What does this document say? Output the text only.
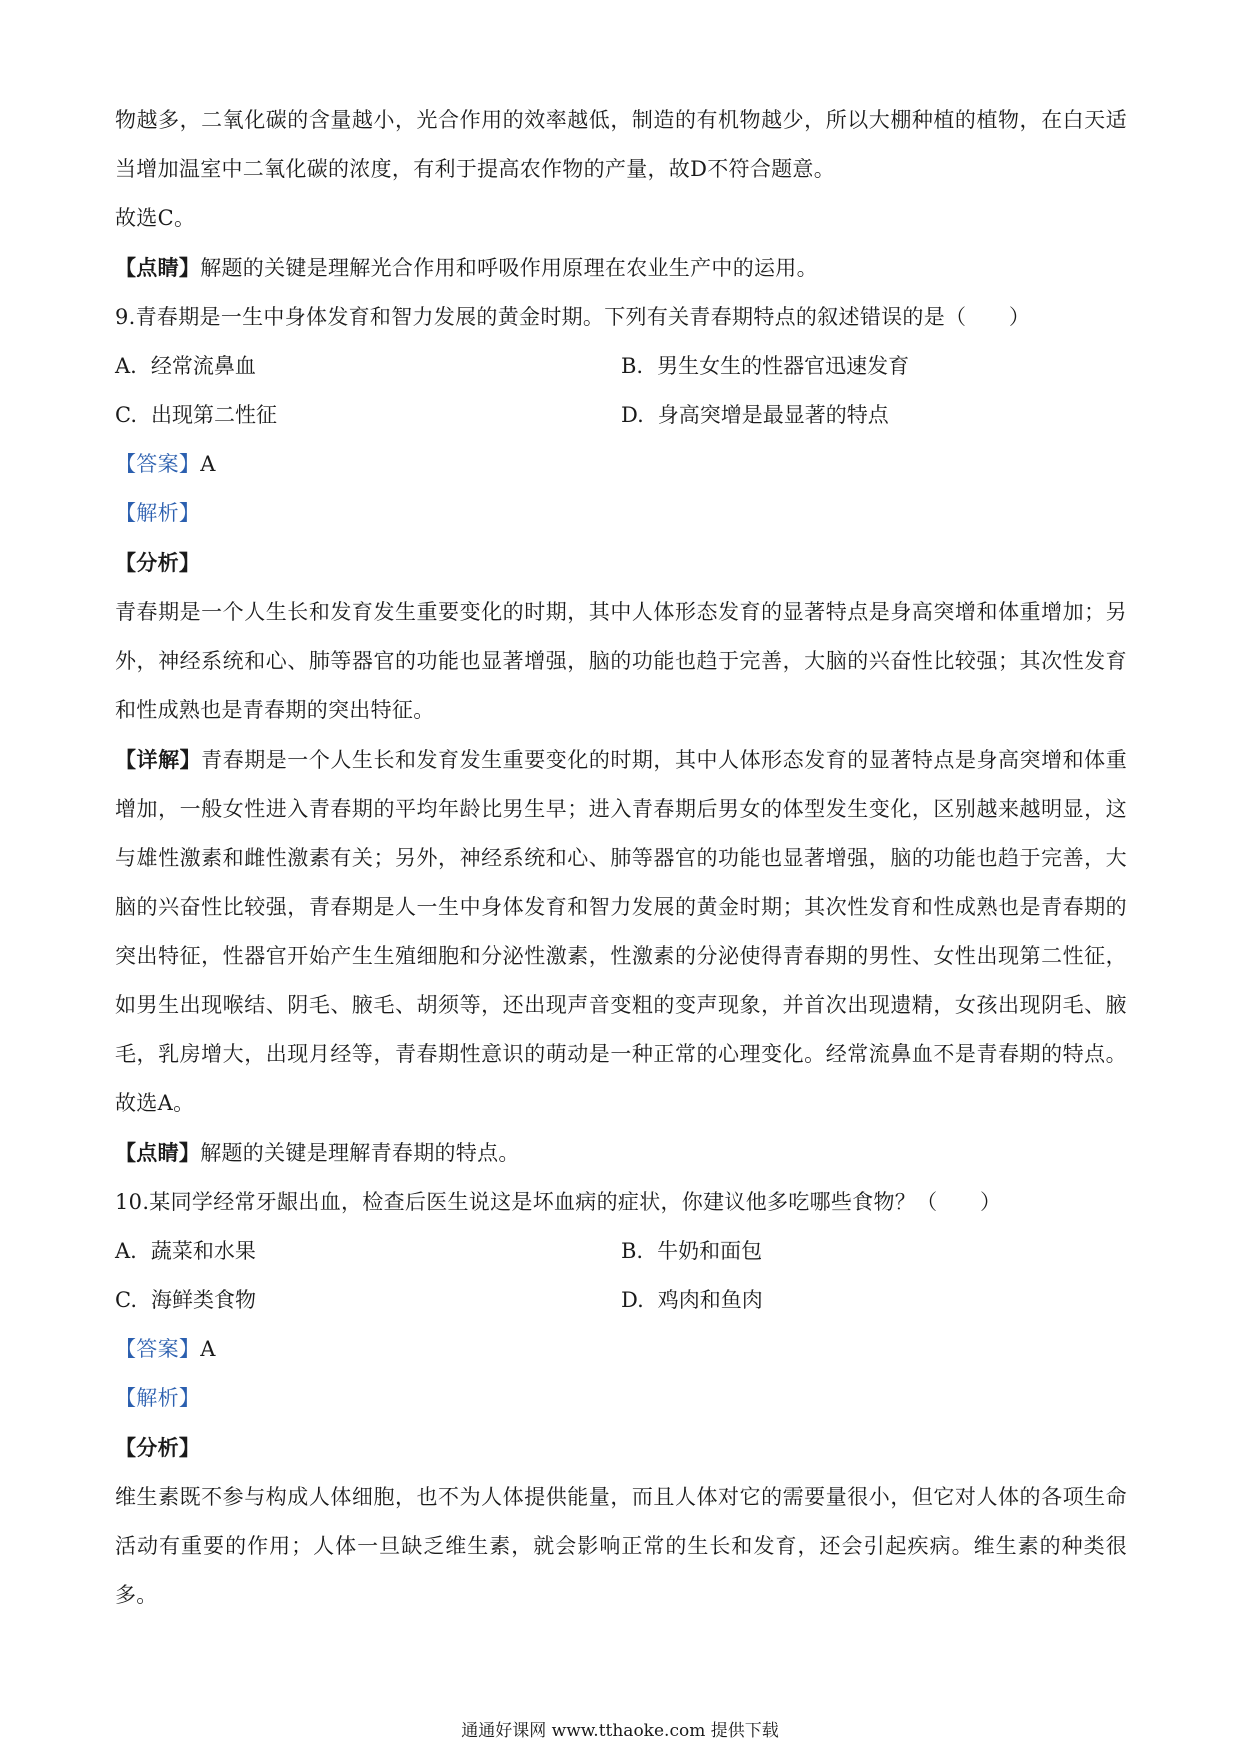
物越多，二氧化碳的含量越小，光合作用的效率越低，制造的有机物越少，所以大棚种植的植物，在白天适当增加温室中二氧化碳的浓度，有利于提高农作物的产量，故D不符合题意。

故选C。

【点睛】解题的关键是理解光合作用和呼吸作用原理在农业生产中的运用。

9.青春期是一生中身体发育和智力发展的黄金时期。下列有关青春期特点的叙述错误的是（　　）

A. 经常流鼻血	B. 男生女生的性器官迅速发育
C. 出现第二性征	D. 身高突增是最显著的特点

【答案】A

【解析】

【分析】

青春期是一个人生长和发育发生重要变化的时期，其中人体形态发育的显著特点是身高突增和体重增加；另外，神经系统和心、肺等器官的功能也显著增强，脑的功能也趋于完善，大脑的兴奋性比较强；其次性发育和性成熟也是青春期的突出特征。

【详解】青春期是一个人生长和发育发生重要变化的时期，其中人体形态发育的显著特点是身高突增和体重增加，一般女性进入青春期的平均年龄比男生早；进入青春期后男女的体型发生变化，区别越来越明显，这与雄性激素和雌性激素有关；另外，神经系统和心、肺等器官的功能也显著增强，脑的功能也趋于完善，大脑的兴奋性比较强，青春期是人一生中身体发育和智力发展的黄金时期；其次性发育和性成熟也是青春期的突出特征，性器官开始产生生殖细胞和分泌性激素，性激素的分泌使得青春期的男性、女性出现第二性征，如男生出现喉结、阴毛、腋毛、胡须等，还出现声音变粗的变声现象，并首次出现遗精，女孩出现阴毛、腋毛，乳房增大，出现月经等，青春期性意识的萌动是一种正常的心理变化。经常流鼻血不是青春期的特点。故选A。

【点睛】解题的关键是理解青春期的特点。

10.某同学经常牙龈出血，检查后医生说这是坏血病的症状，你建议他多吃哪些食物？（　　）

A. 蔬菜和水果	B. 牛奶和面包
C. 海鲜类食物	D. 鸡肉和鱼肉

【答案】A

【解析】

【分析】

维生素既不参与构成人体细胞，也不为人体提供能量，而且人体对它的需要量很小，但它对人体的各项生命活动有重要的作用；人体一旦缺乏维生素，就会影响正常的生长和发育，还会引起疾病。维生素的种类很多。

通通好课网 www.tthaoke.com 提供下载
